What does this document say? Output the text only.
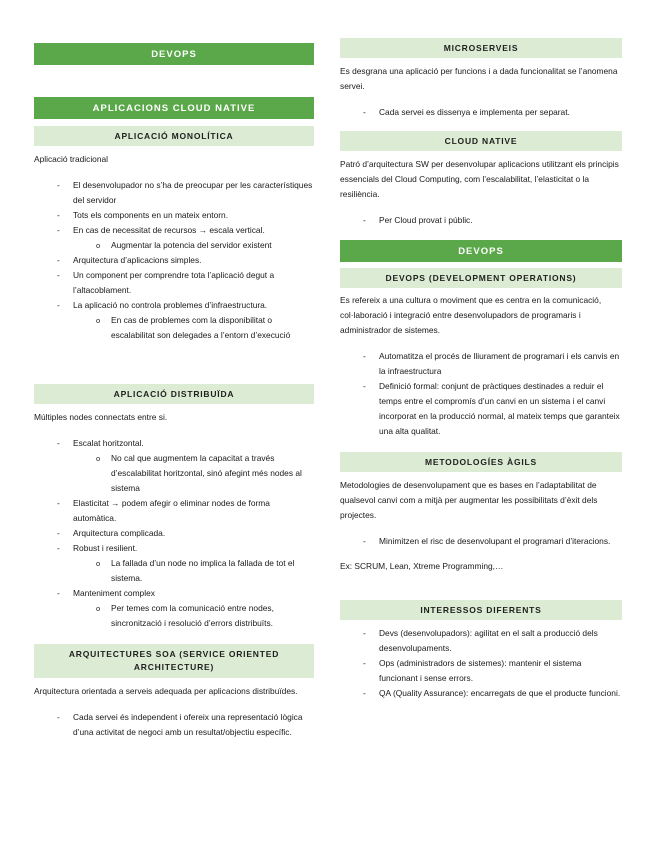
DEVOPS
APLICACIONS CLOUD NATIVE
APLICACIÓ MONOLÍTICA

Aplicació tradicional

- El desenvolupador no s’ha de preocupar per les característiques del servidor
- Tots els components en un mateix entorn.
- En cas de necessitat de recursos → escala vertical.
o Augmentar la potencia del servidor existent
- Arquitectura d’aplicacions simples.
- Un component per comprendre tota l’aplicació degut a l’altacoblament.
- La aplicació no controla problemes d’infraestructura.
o En cas de problemes com la disponibilitat o escalabilitat son delegades a l’entorn d’execució
APLICACIÓ DISTRIBUÏDA

Múltiples nodes connectats entre si.

- Escalat horitzontal.
o No cal que augmentem la capacitat a través d’escalabilitat horitzontal, sinó afegint més nodes al sistema
- Elasticitat → podem afegir o eliminar nodes de forma automàtica.
- Arquitectura complicada.
- Robust i resilient.
o La fallada d’un node no implica la fallada de tot el sistema.
- Manteniment complex
o Per temes com la comunicació entre nodes, sincronització i resolució d’errors distribuïts.
ARQUITECTURES SOA (SERVICE ORIENTED
ARCHITECTURE)

Arquitectura orientada a serveis adequada per aplicacions distribuïdes.

- Cada servei és independent i ofereix una representació lògica d’una activitat de negoci amb un resultat/objectiu específic.
MICROSERVEIS

Es desgrana una aplicació per funcions i a dada funcionalitat se l’anomena servei.

- Cada servei es dissenya e implementa per separat.
CLOUD NATIVE

Patró d’arquitectura SW per desenvolupar aplicacions utilitzant els principis essencials del Cloud Computing, com l’escalabilitat, l’elasticitat o la resiliència.

- Per Cloud provat i públic.
DEVOPS
DEVOPS (DEVELOPMENT OPERATIONS)

Es refereix a una cultura o moviment que es centra en la comunicació, col·laboració i integració entre desenvolupadors de programaris i administrador de sistemes.

- Automatitza el procés de lliurament de programari i els canvis en la infraestructura
- Definició formal: conjunt de pràctiques destinades a reduir el temps entre el compromís d’un canvi en un sistema i el canvi incorporat en la producció normal, al mateix temps que garanteix una alta qualitat.
METODOLOGÍES ÀGILS

Metodologies de desenvolupament que es bases en l’adaptabilitat de qualsevol canvi com a mitjà per augmentar les possibilitats d’èxit dels projectes.

- Minimitzen el risc de desenvolupant el programari d’iteracions.

Ex: SCRUM, Lean, Xtreme Programming,…

INTERESSOS DIFERENTS
- Devs (desenvolupadors): agilitat en el salt a producció dels desenvolupaments.
- Ops (administradors de sistemes): mantenir el sistema funcionant i sense errors.
- QA (Quality Assurance): encarregats de que el producte funcioni.
